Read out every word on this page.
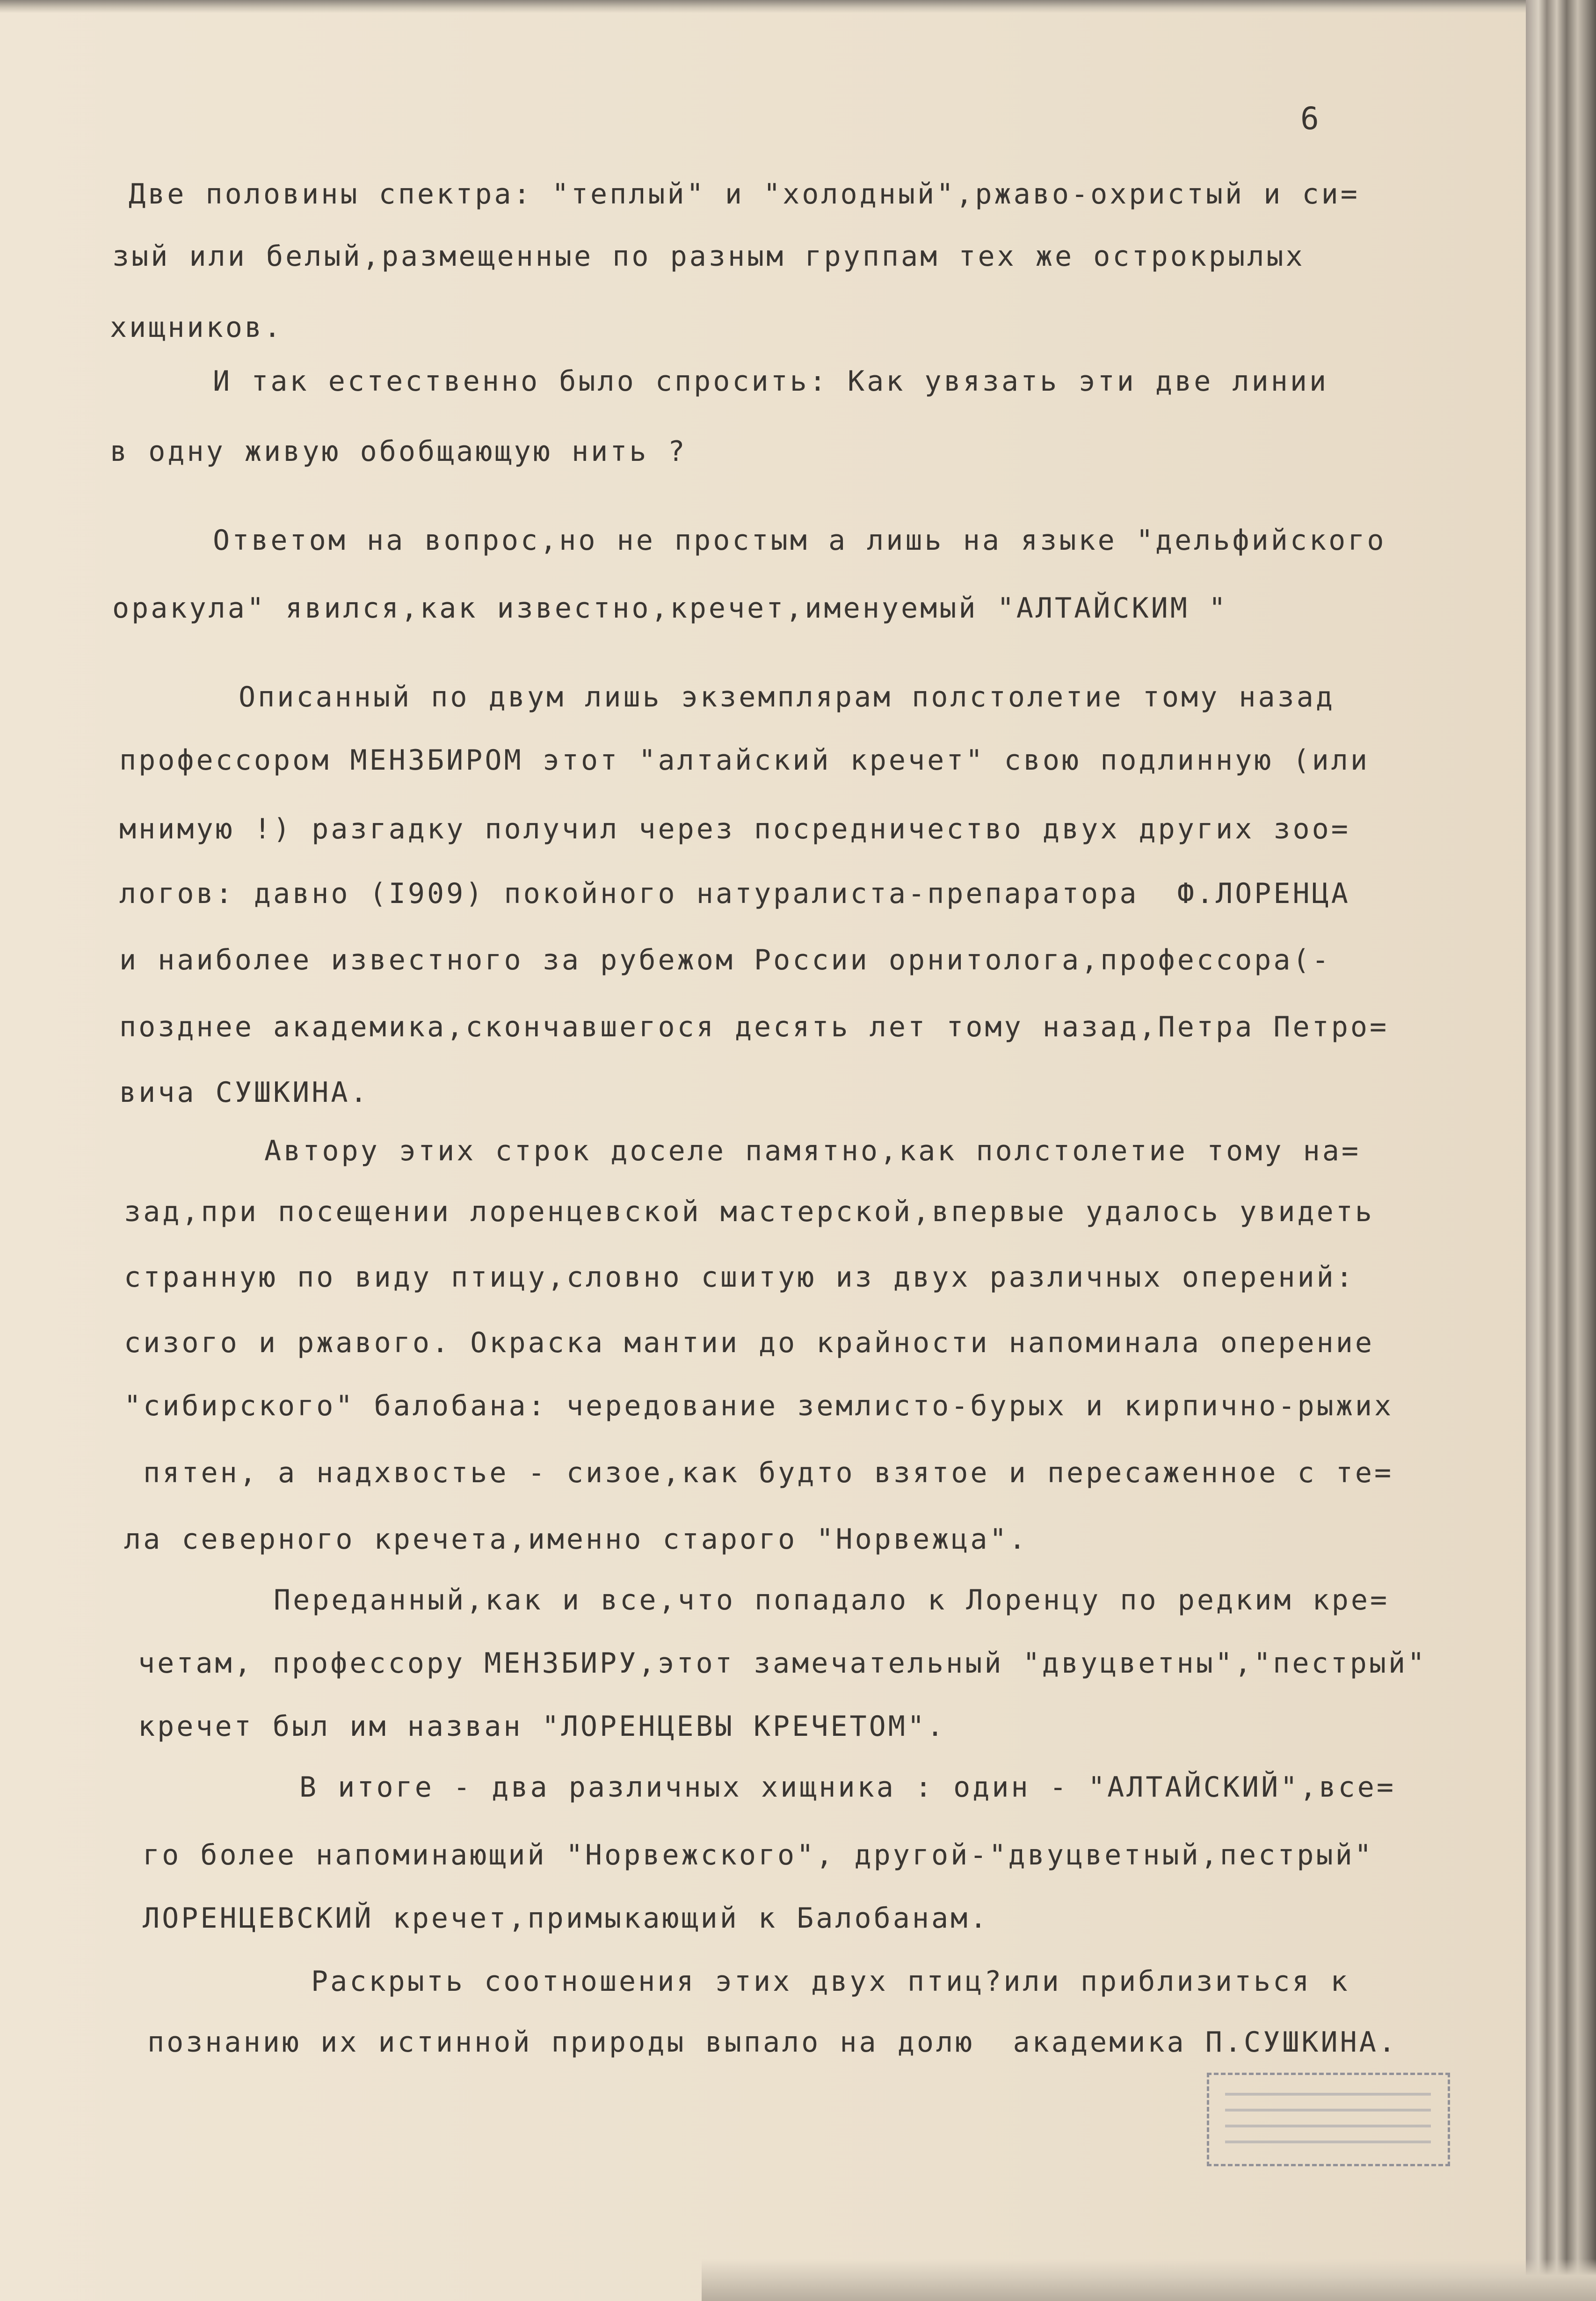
6
Две половины спектра: "теплый" и "холодный",ржаво-охристый и си=
зый или белый,размещенные по разным группам тех же острокрылых
хищников.
И так естественно было спросить: Как увязать эти две линии
в одну живую обобщающую нить ?
Ответом на вопрос,но не простым а лишь на языке "дельфийского
оракула" явился,как известно,кречет,именуемый "АЛТАЙСКИМ "
Описанный по двум лишь экземплярам полстолетие тому назад
профессором МЕНЗБИРОМ этот "алтайский кречет" свою подлинную (или
мнимую !) разгадку получил через посредничество двух других зоо=
логов: давно (I909) покойного натуралиста-препаратора  Ф.ЛОРЕНЦА
и наиболее известного за рубежом России орнитолога,профессора(-
позднее академика,скончавшегося десять лет тому назад,Петра Петро=
вича СУШКИНА.
Автору этих строк доселе памятно,как полстолетие тому на=
зад,при посещении лоренцевской мастерской,впервые удалось увидеть
странную по виду птицу,словно сшитую из двух различных оперений:
сизого и ржавого. Окраска мантии до крайности напоминала оперение
"сибирского" балобана: чередование землисто-бурых и кирпично-рыжих
пятен, а надхвостье - сизое,как будто взятое и пересаженное с те=
ла северного кречета,именно старого "Норвежца".
Переданный,как и все,что попадало к Лоренцу по редким кре=
четам, профессору МЕНЗБИРУ,этот замечательный "двуцветны","пестрый"
кречет был им назван "ЛОРЕНЦЕВЫ КРЕЧЕТОМ".
В итоге - два различных хищника : один - "АЛТАЙСКИЙ",все=
го более напоминающий "Норвежского", другой-"двуцветный,пестрый"
ЛОРЕНЦЕВСКИЙ кречет,примыкающий к Балобанам.
Раскрыть соотношения этих двух птиц?или приблизиться к
познанию их истинной природы выпало на долю  академика П.СУШКИНА.
